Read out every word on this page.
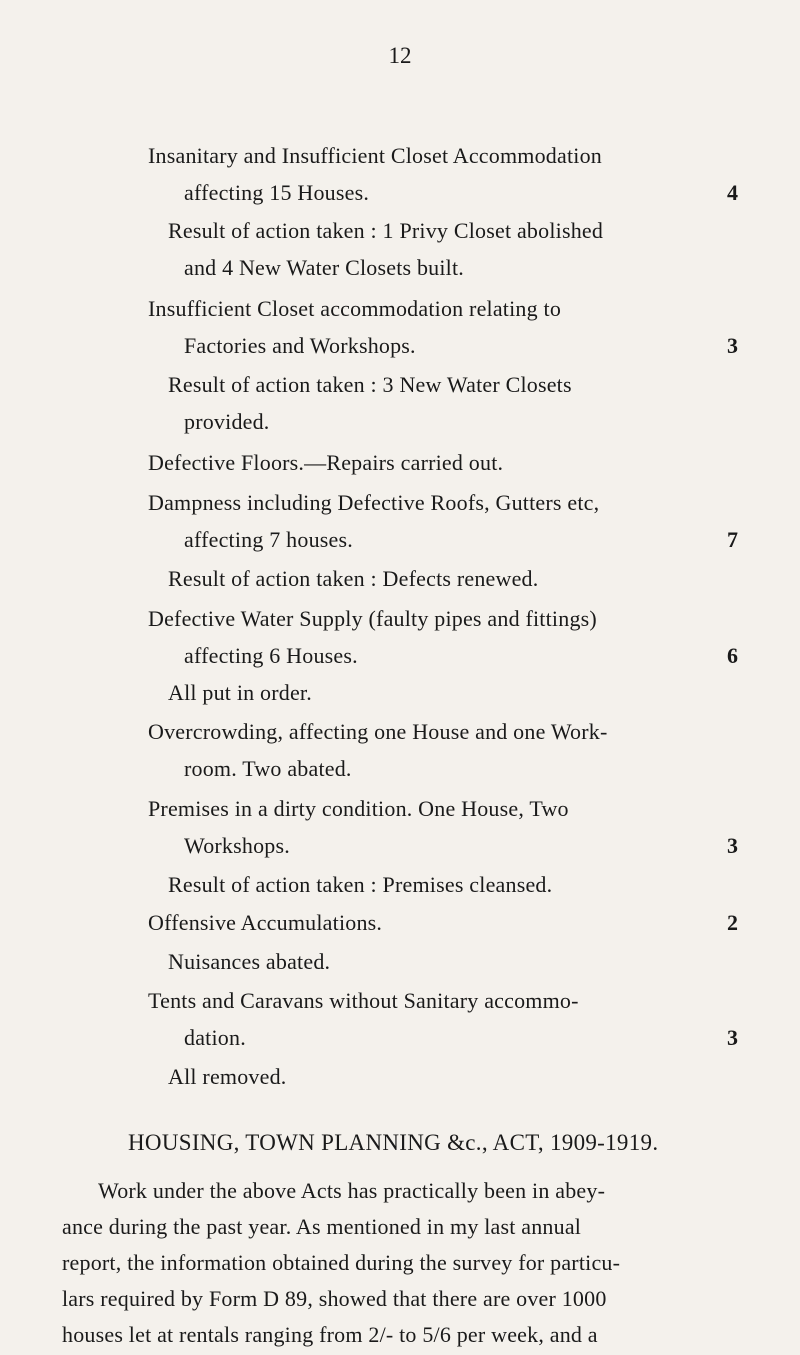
12
Insanitary and Insufficient Closet Accommodation
affecting 15 Houses.	4
Result of action taken : 1 Privy Closet abolished
and 4 New Water Closets built.
Insufficient Closet accommodation relating to
Factories and Workshops.	3
Result of action taken : 3 New Water Closets
provided.
Defective Floors.—Repairs carried out.
Dampness including Defective Roofs, Gutters etc,
affecting 7 houses.	7
Result of action taken : Defects renewed.
Defective Water Supply (faulty pipes and fittings)
affecting 6 Houses.	6
All put in order.
Overcrowding, affecting one House and one Work-
room. Two abated.
Premises in a dirty condition. One House, Two
Workshops.	3
Result of action taken : Premises cleansed.
Offensive Accumulations.	2
Nuisances abated.
Tents and Caravans without Sanitary accommo-
dation.	3
All removed.
HOUSING, TOWN PLANNING &c., ACT, 1909-1919.
Work under the above Acts has practically been in abey-
ance during the past year. As mentioned in my last annual
report, the information obtained during the survey for particu-
lars required by Form D 89, showed that there are over 1000
houses let at rentals ranging from 2/- to 5/6 per week, and a
